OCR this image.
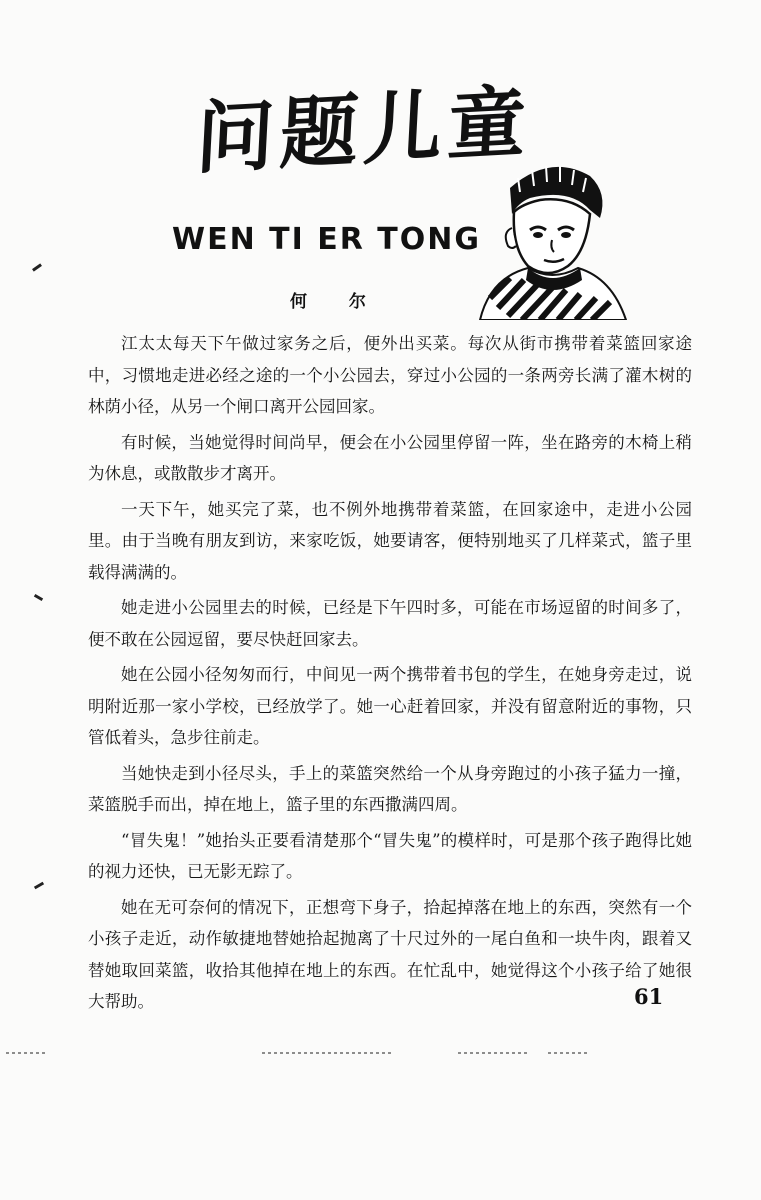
问题儿童
WEN TI ER TONG
何 尔

江太太每天下午做过家务之后，便外出买菜。每次从街市携带着菜篮回家途中，习惯地走进必经之途的一个小公园去，穿过小公园的一条两旁长满了灌木树的林荫小径，从另一个闸口离开公园回家。

有时候，当她觉得时间尚早，便会在小公园里停留一阵，坐在路旁的木椅上稍为休息，或散散步才离开。

一天下午，她买完了菜，也不例外地携带着菜篮，在回家途中，走进小公园里。由于当晚有朋友到访，来家吃饭，她要请客，便特别地买了几样菜式，篮子里载得满满的。

她走进小公园里去的时候，已经是下午四时多，可能在市场逗留的时间多了，便不敢在公园逗留，要尽快赶回家去。

她在公园小径匆匆而行，中间见一两个携带着书包的学生，在她身旁走过，说明附近那一家小学校，已经放学了。她一心赶着回家，并没有留意附近的事物，只管低着头，急步往前走。

当她快走到小径尽头，手上的菜篮突然给一个从身旁跑过的小孩子猛力一撞，菜篮脱手而出，掉在地上，篮子里的东西撒满四周。

“冒失鬼！”她抬头正要看清楚那个“冒失鬼”的模样时，可是那个孩子跑得比她的视力还快，已无影无踪了。

她在无可奈何的情况下，正想弯下身子，拾起掉落在地上的东西，突然有一个小孩子走近，动作敏捷地替她拾起抛离了十尺过外的一尾白鱼和一块牛肉，跟着又替她取回菜篮，收拾其他掉在地上的东西。在忙乱中，她觉得这个小孩子给了她很大帮助。	61
